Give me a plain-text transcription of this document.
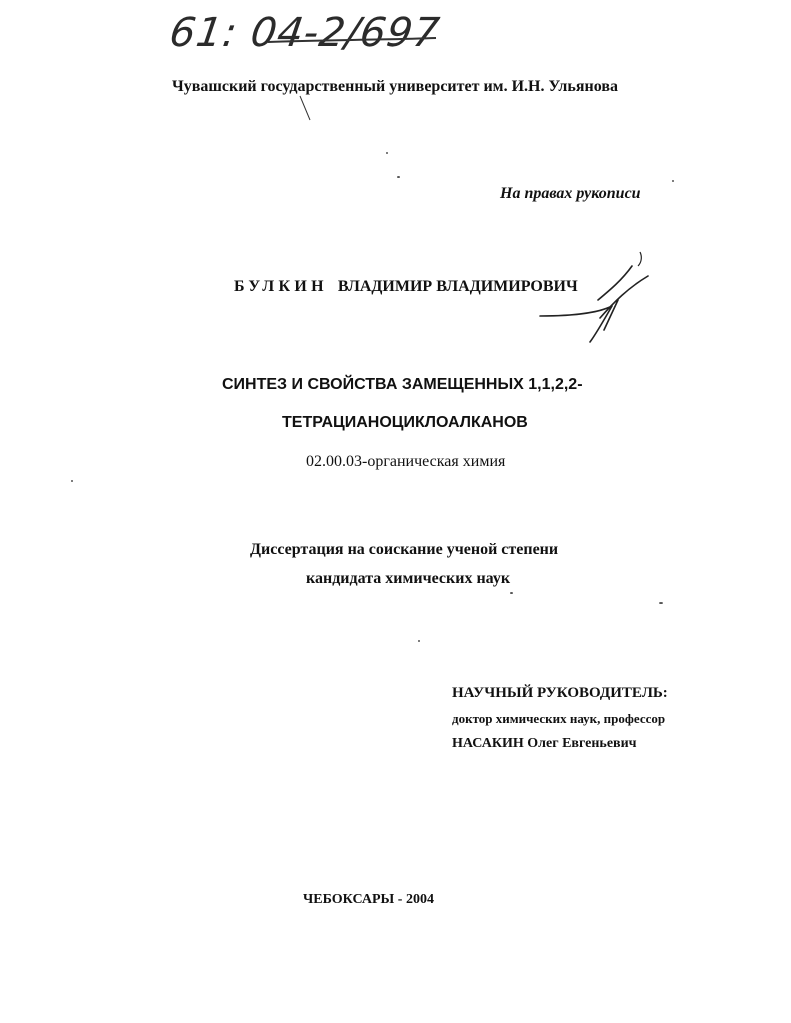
61: 04-2/697
Чувашский государственный университет им. И.Н. Ульянова
На правах рукописи
БУЛКИН ВЛАДИМИР ВЛАДИМИРОВИЧ
СИНТЕЗ И СВОЙСТВА ЗАМЕЩЕННЫХ 1,1,2,2-
ТЕТРАЦИАНОЦИКЛОАЛКАНОВ
02.00.03-органическая химия
Диссертация на соискание ученой степени
кандидата химических наук
НАУЧНЫЙ РУКОВОДИТЕЛЬ:
доктор химических наук, профессор
НАСАКИН Олег Евгеньевич
ЧЕБОКСАРЫ - 2004
